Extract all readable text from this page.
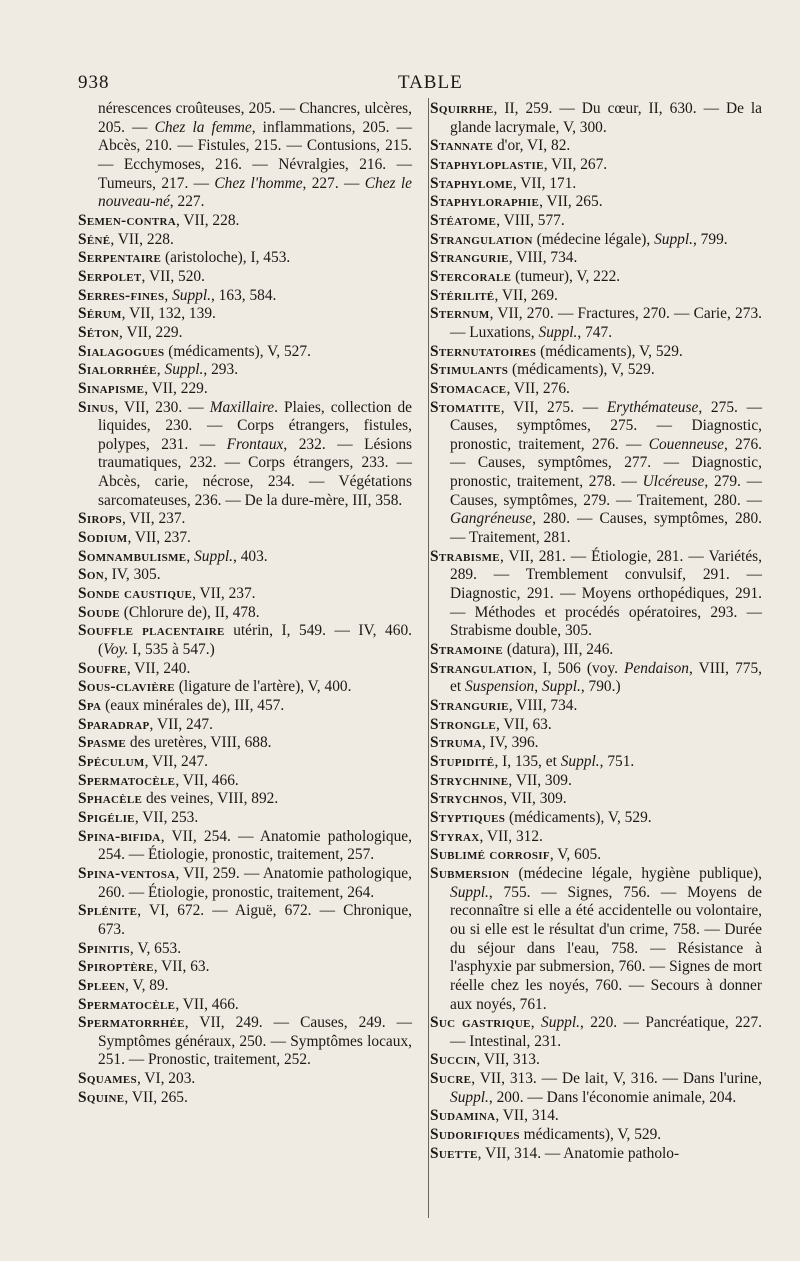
938	TABLE

nérescences croûteuses, 205. — Chancres, ulcères, 205. — Chez la femme, inflammations, 205. — Abcès, 210. — Fistules, 215. — Contusions, 215. — Ecchymoses, 216. — Névralgies, 216. — Tumeurs, 217. — Chez l'homme, 227. — Chez le nouveau-né, 227.

Semen-contra, VII, 228.

Séné, VII, 228.

Serpentaire (aristoloche), I, 453.

Serpolet, VII, 520.

Serres-fines, Suppl., 163, 584.

Sérum, VII, 132, 139.

Séton, VII, 229.

Sialagogues (médicaments), V, 527.

Sialorrhée, Suppl., 293.

Sinapisme, VII, 229.

Sinus, VII, 230. — Maxillaire. Plaies, collection de liquides, 230. — Corps étrangers, fistules, polypes, 231. — Frontaux, 232. — Lésions traumatiques, 232. — Corps étrangers, 233. — Abcès, carie, nécrose, 234. — Végétations sarcomateuses, 236. — De la dure-mère, III, 358.

Sirops, VII, 237.

Sodium, VII, 237.

Somnambulisme, Suppl., 403.

Son, IV, 305.

Sonde caustique, VII, 237.

Soude (Chlorure de), II, 478.

Souffle placentaire utérin, I, 549. — IV, 460. (Voy. I, 535 à 547.)

Soufre, VII, 240.

Sous-clavière (ligature de l'artère), V, 400.

Spa (eaux minérales de), III, 457.

Sparadrap, VII, 247.

Spasme des uretères, VIII, 688.

Spéculum, VII, 247.

Spermatocèle, VII, 466.

Sphacèle des veines, VIII, 892.

Spigélie, VII, 253.

Spina-bifida, VII, 254. — Anatomie pathologique, 254. — Étiologie, pronostic, traitement, 257.

Spina-ventosa, VII, 259. — Anatomie pathologique, 260. — Étiologie, pronostic, traitement, 264.

Splénite, VI, 672. — Aiguë, 672. — Chronique, 673.

Spinitis, V, 653.

Spiroptère, VII, 63.

Spleen, V, 89.

Spermatocèle, VII, 466.

Spermatorrhée, VII, 249. — Causes, 249. — Symptômes généraux, 250. — Symptômes locaux, 251. — Pronostic, traitement, 252.

Squames, VI, 203.

Squine, VII, 265.

Squirrhe, II, 259. — Du cœur, II, 630. — De la glande lacrymale, V, 300.

Stannate d'or, VI, 82.

Staphyloplastie, VII, 267.

Staphylome, VII, 171.

Staphyloraphie, VII, 265.

Stéatome, VIII, 577.

Strangulation (médecine légale), Suppl., 799.

Strangurie, VIII, 734.

Stercorale (tumeur), V, 222.

Stérilité, VII, 269.

Sternum, VII, 270. — Fractures, 270. — Carie, 273. — Luxations, Suppl., 747.

Sternutatoires (médicaments), V, 529.

Stimulants (médicaments), V, 529.

Stomacace, VII, 276.

Stomatite, VII, 275. — Erythémateuse, 275. — Causes, symptômes, 275. — Diagnostic, pronostic, traitement, 276. — Couenneuse, 276. — Causes, symptômes, 277. — Diagnostic, pronostic, traitement, 278. — Ulcéreuse, 279. — Causes, symptômes, 279. — Traitement, 280. — Gangréneuse, 280. — Causes, symptômes, 280. — Traitement, 281.

Strabisme, VII, 281. — Étiologie, 281. — Variétés, 289. — Tremblement convulsif, 291. — Diagnostic, 291. — Moyens orthopédiques, 291. — Méthodes et procédés opératoires, 293. — Strabisme double, 305.

Stramoine (datura), III, 246.

Strangulation, I, 506 (voy. Pendaison, VIII, 775, et Suspension, Suppl., 790.)

Strangurie, VIII, 734.

Strongle, VII, 63.

Struma, IV, 396.

Stupidité, I, 135, et Suppl., 751.

Strychnine, VII, 309.

Strychnos, VII, 309.

Styptiques (médicaments), V, 529.

Styrax, VII, 312.

Sublimé corrosif, V, 605.

Submersion (médecine légale, hygiène publique), Suppl., 755. — Signes, 756. — Moyens de reconnaître si elle a été accidentelle ou volontaire, ou si elle est le résultat d'un crime, 758. — Durée du séjour dans l'eau, 758. — Résistance à l'asphyxie par submersion, 760. — Signes de mort réelle chez les noyés, 760. — Secours à donner aux noyés, 761.

Suc gastrique, Suppl., 220. — Pancréatique, 227. — Intestinal, 231.

Succin, VII, 313.

Sucre, VII, 313. — De lait, V, 316. — Dans l'urine, Suppl., 200. — Dans l'économie animale, 204.

Sudamina, VII, 314.

Sudorifiques médicaments), V, 529.

Suette, VII, 314. — Anatomie patholo-
